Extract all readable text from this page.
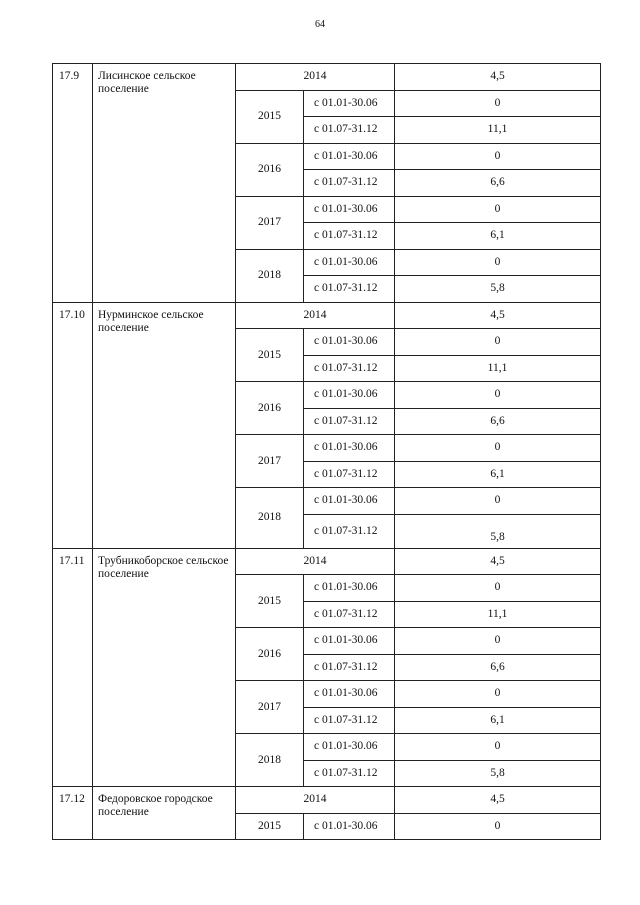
64
17.9	Лисинское сельское поселение	2014		4,5
		2015	с 01.01-30.06	0
			с 01.07-31.12	11,1
		2016	с 01.01-30.06	0
			с 01.07-31.12	6,6
		2017	с 01.01-30.06	0
			с 01.07-31.12	6,1
		2018	с 01.01-30.06	0
			с 01.07-31.12	5,8
17.10	Нурминское сельское поселение	2014		4,5
		2015	с 01.01-30.06	0
			с 01.07-31.12	11,1
		2016	с 01.01-30.06	0
			с 01.07-31.12	6,6
		2017	с 01.01-30.06	0
			с 01.07-31.12	6,1
		2018	с 01.01-30.06	0
			с 01.07-31.12	5,8
17.11	Трубникоборское сельское поселение	2014		4,5
		2015	с 01.01-30.06	0
			с 01.07-31.12	11,1
		2016	с 01.01-30.06	0
			с 01.07-31.12	6,6
		2017	с 01.01-30.06	0
			с 01.07-31.12	6,1
		2018	с 01.01-30.06	0
			с 01.07-31.12	5,8
17.12	Федоровское городское поселение	2014		4,5
		2015	с 01.01-30.06	0
